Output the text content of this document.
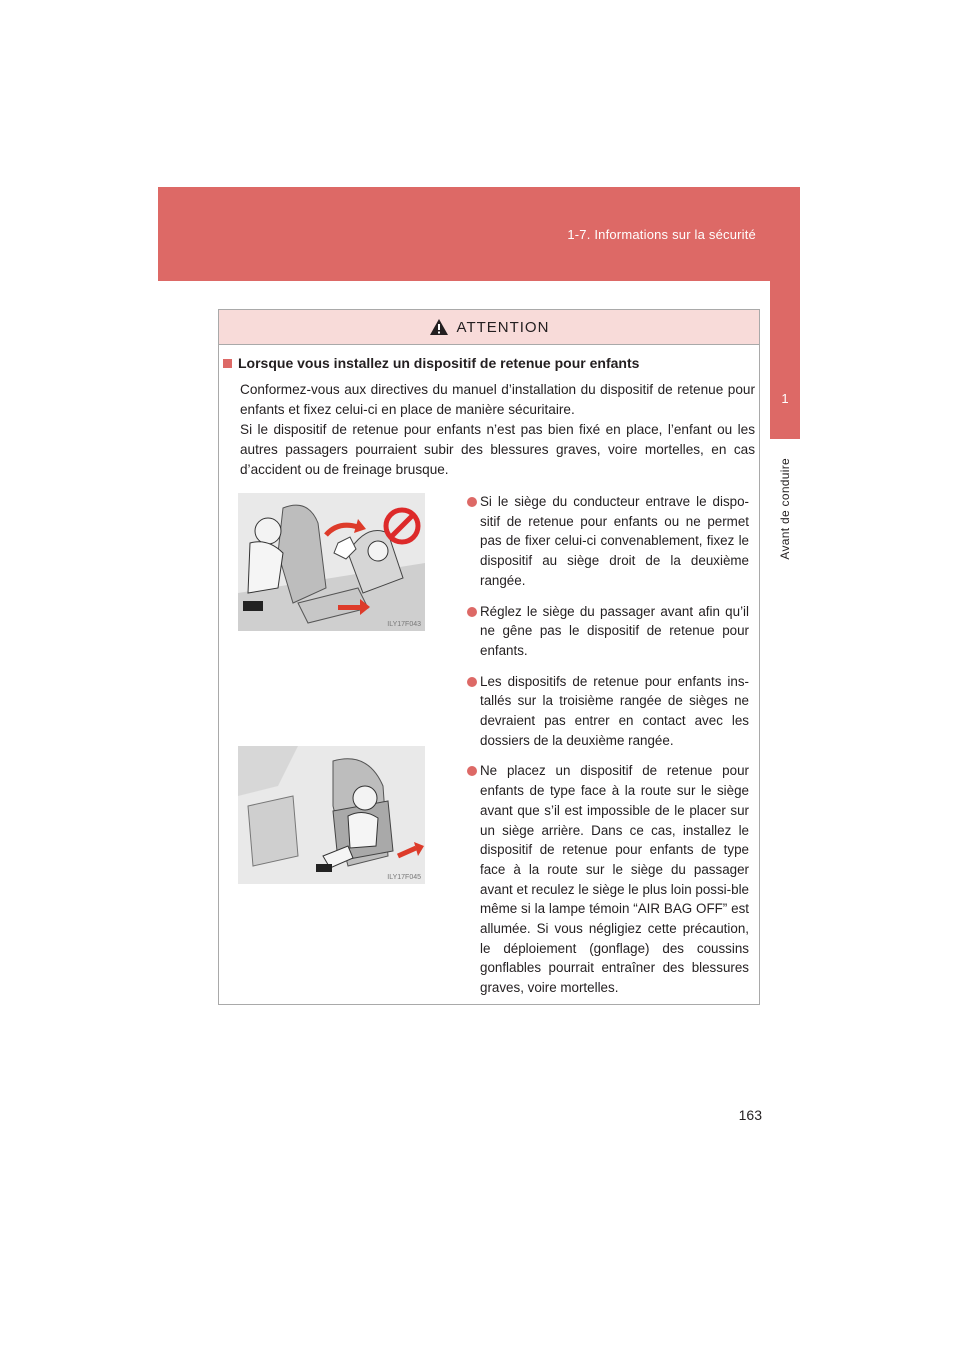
1-7. Informations sur la sécurité
1
Avant de conduire
ATTENTION
Lorsque vous installez un dispositif de retenue pour enfants

Conformez-vous aux directives du manuel d’installation du dispositif de retenue pour enfants et fixez celui-ci en place de manière sécuritaire.

Si le dispositif de retenue pour enfants n’est pas bien fixé en place, l’enfant ou les autres passagers pourraient subir des blessures graves, voire mortelles, en cas d’accident ou de freinage brusque.

ILY17F043
ILY17F045
Si le siège du conducteur entrave le dispo-sitif de retenue pour enfants ou ne permet pas de fixer celui-ci convenablement, fixez le dispositif au siège droit de la deuxième rangée.
Réglez le siège du passager avant afin qu’il ne gêne pas le dispositif de retenue pour enfants.
Les dispositifs de retenue pour enfants ins-tallés sur la troisième rangée de sièges ne devraient pas entrer en contact avec les dossiers de la deuxième rangée.
Ne placez un dispositif de retenue pour enfants de type face à la route sur le siège avant que s’il est impossible de le placer sur un siège arrière. Dans ce cas, installez le dispositif de retenue pour enfants de type face à la route sur le siège du passager avant et reculez le siège le plus loin possi-ble même si la lampe témoin “AIR BAG OFF” est allumée. Si vous négligiez cette précaution, le déploiement (gonflage) des coussins gonflables pourrait entraîner des blessures graves, voire mortelles.
163
